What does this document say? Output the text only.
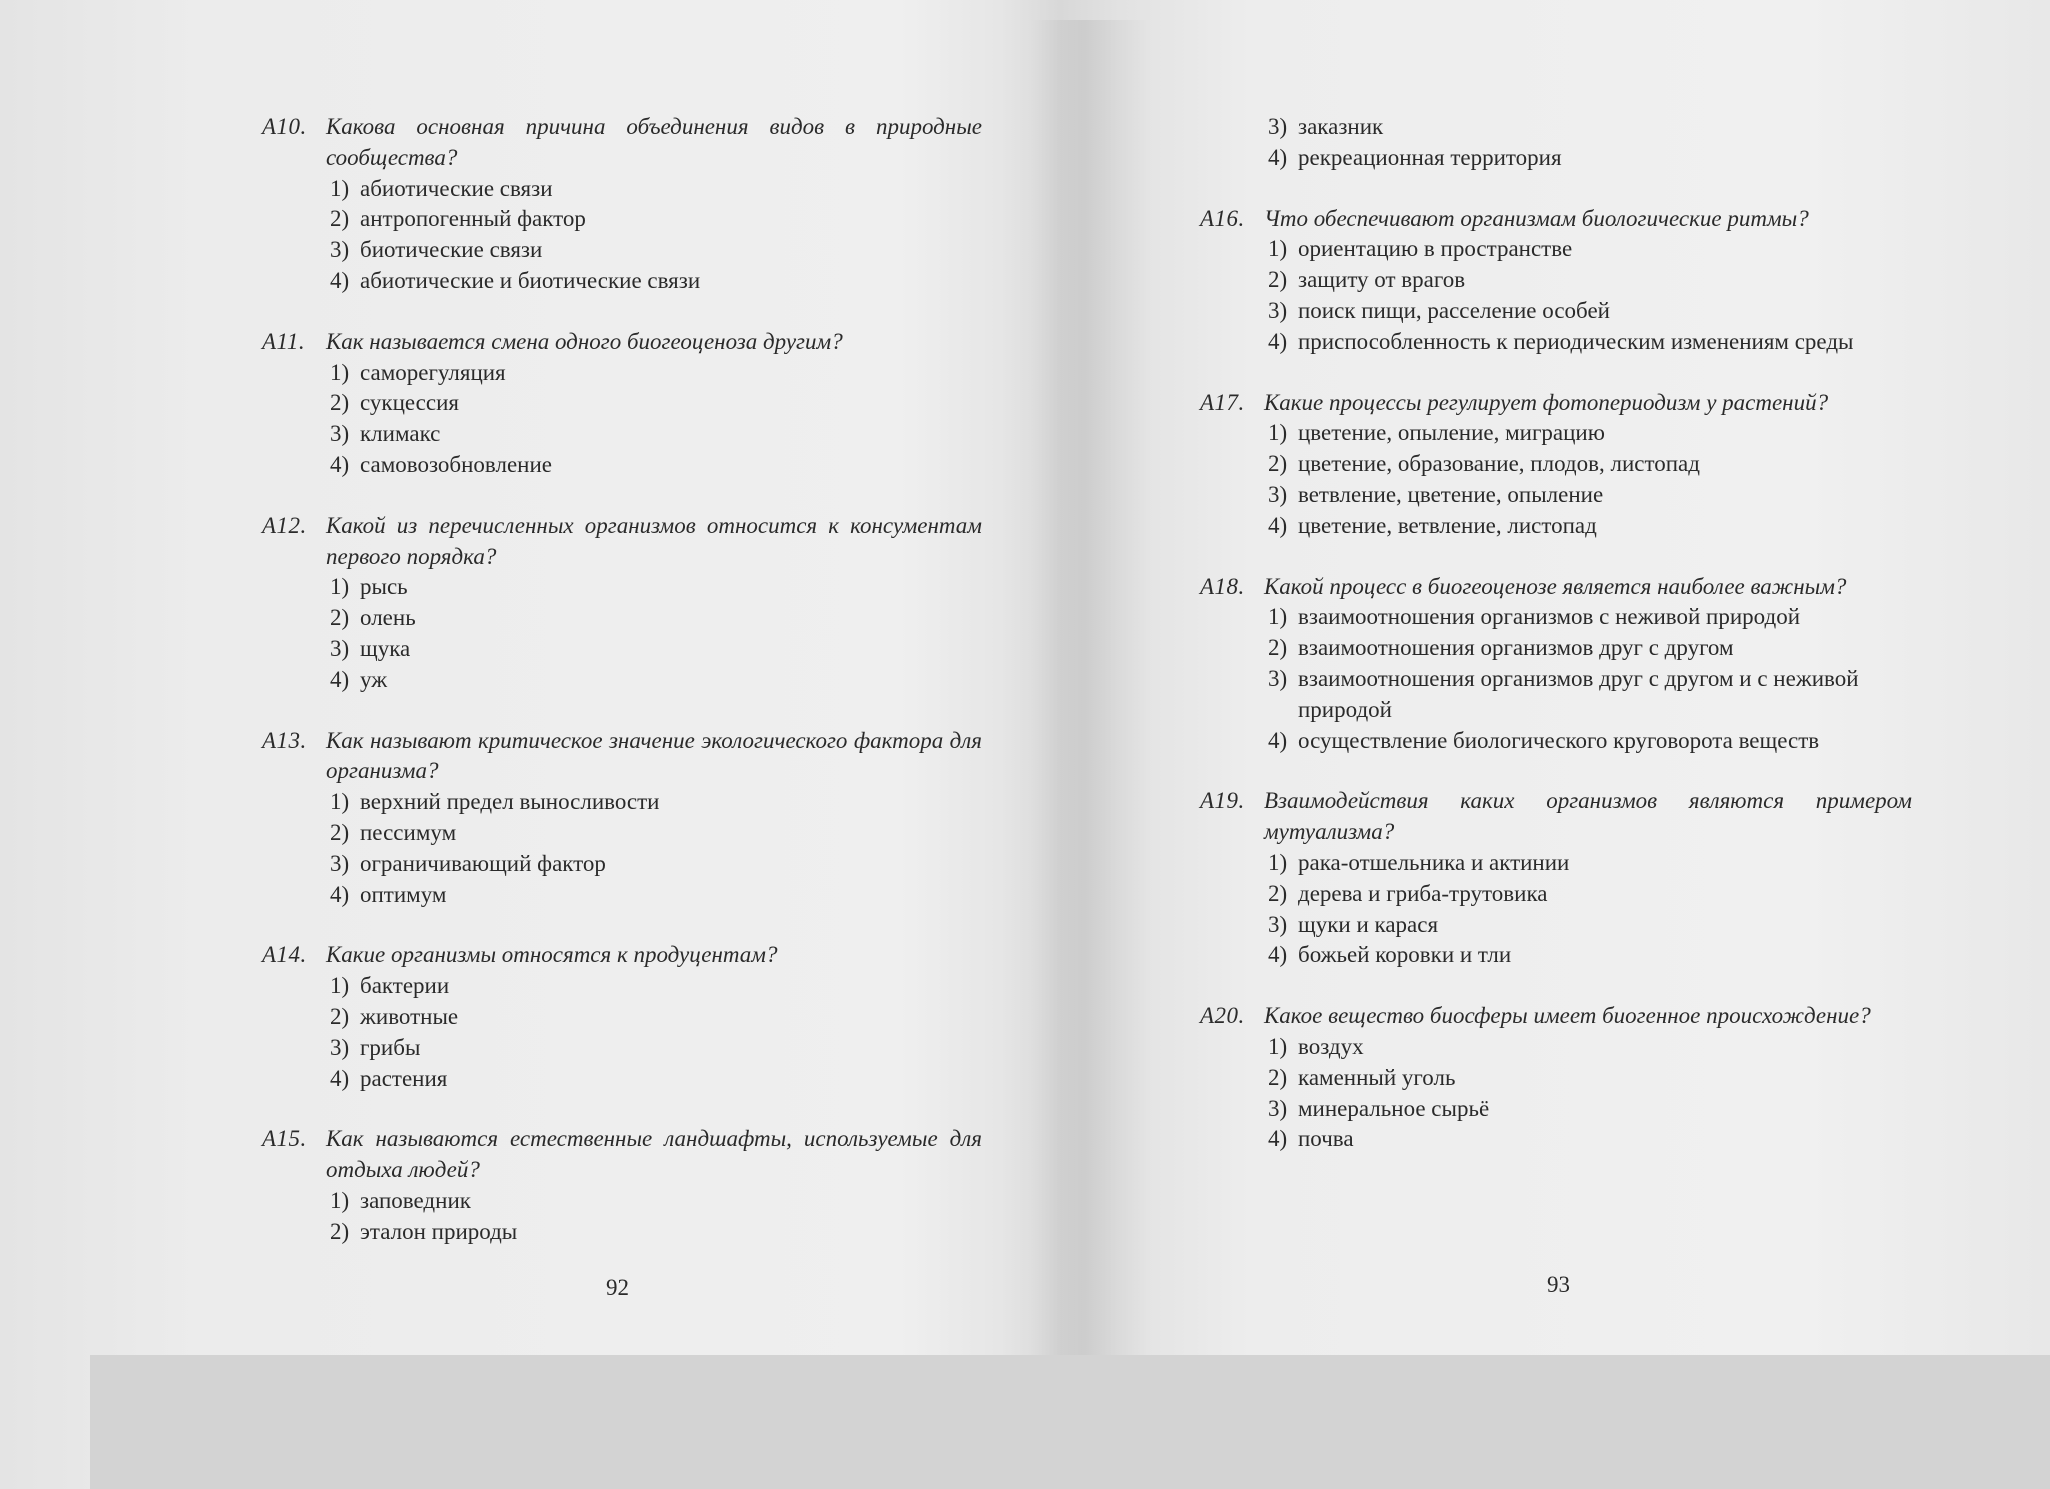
A10. Какова основная причина объединения видов в природные сообщества?
1) абиотические связи
2) антропогенный фактор
3) биотические связи
4) абиотические и биотические связи
A11. Как называется смена одного биогеоценоза другим?
1) саморегуляция
2) сукцессия
3) климакс
4) самовозобновление
A12. Какой из перечисленных организмов относится к консументам первого порядка?
1) рысь
2) олень
3) щука
4) уж
A13. Как называют критическое значение экологического фактора для организма?
1) верхний предел выносливости
2) пессимум
3) ограничивающий фактор
4) оптимум
A14. Какие организмы относятся к продуцентам?
1) бактерии
2) животные
3) грибы
4) растения
A15. Как называются естественные ландшафты, используемые для отдыха людей?
1) заповедник
2) эталон природы
92
3) заказник
4) рекреационная территория
A16. Что обеспечивают организмам биологические ритмы?
1) ориентацию в пространстве
2) защиту от врагов
3) поиск пищи, расселение особей
4) приспособленность к периодическим изменениям среды
A17. Какие процессы регулирует фотопериодизм у растений?
1) цветение, опыление, миграцию
2) цветение, образование, плодов, листопад
3) ветвление, цветение, опыление
4) цветение, ветвление, листопад
A18. Какой процесс в биогеоценозе является наиболее важным?
1) взаимоотношения организмов с неживой природой
2) взаимоотношения организмов друг с другом
3) взаимоотношения организмов друг с другом и с неживой природой
4) осуществление биологического круговорота веществ
A19. Взаимодействия каких организмов являются примером мутуализма?
1) рака-отшельника и актинии
2) дерева и гриба-трутовика
3) щуки и карася
4) божьей коровки и тли
A20. Какое вещество биосферы имеет биогенное происхождение?
1) воздух
2) каменный уголь
3) минеральное сырьё
4) почва
93
